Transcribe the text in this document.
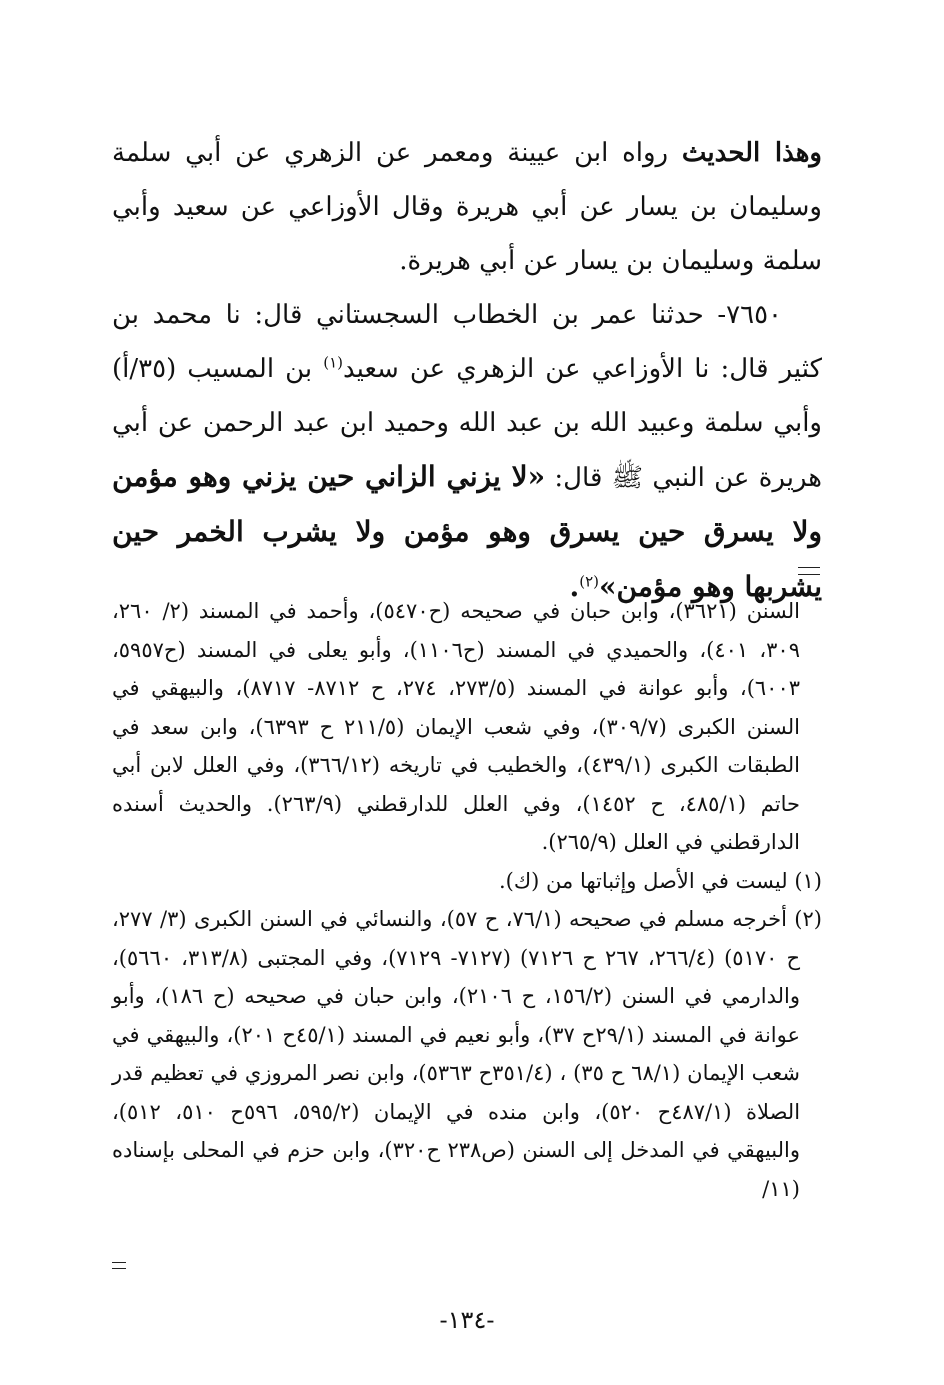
وهذا الحديث رواه ابن عيينة ومعمر عن الزهري عن أبي سلمة وسليمان بن يسار عن أبي هريرة وقال الأوزاعي عن سعيد وأبي سلمة وسليمان بن يسار عن أبي هريرة.

٧٦٥٠- حدثنا عمر بن الخطاب السجستاني قال: نا محمد بن كثير قال: نا الأوزاعي عن الزهري عن سعيد$^{(١)}$ بن المسيب (٣٥/أ) وأبي سلمة وعبيد الله بن عبد الله وحميد ابن عبد الرحمن عن أبي هريرة عن النبي ﷺ قال: «لا يزني الزاني حين يزني وهو مؤمن ولا يسرق حين يسرق وهو مؤمن ولا يشرب الخمر حين يشربها وهو مؤمن»$^{(٢)}$.

السنن (٣٦٢١)، وابن حبان في صحيحه (ح٥٤٧٠)، وأحمد في المسند (٢/ ٢٦٠، ٣٠٩، ٤٠١)، والحميدي في المسند (ح١١٠٦)، وأبو يعلى في المسند (ح٥٩٥٧، ٦٠٠٣)، وأبو عوانة في المسند (٢٧٣/٥، ٢٧٤، ح ٨٧١٢- ٨٧١٧)، والبيهقي في السنن الكبرى (٣٠٩/٧)، وفي شعب الإيمان (٢١١/٥ ح ٦٣٩٣)، وابن سعد في الطبقات الكبرى (٤٣٩/١)، والخطيب في تاريخه (٣٦٦/١٢)، وفي العلل لابن أبي حاتم (٤٨٥/١، ح ١٤٥٢)، وفي العلل للدارقطني (٢٦٣/٩). والحديث أسنده الدارقطني في العلل (٢٦٥/٩).

(١) ليست في الأصل وإثباتها من (ك).

(٢) أخرجه مسلم في صحيحه (٧٦/١، ح ٥٧)، والنسائي في السنن الكبرى (٣/ ٢٧٧، ح ٥١٧٠) (٢٦٦/٤، ٢٦٧ ح ٧١٢٦) (٧١٢٧- ٧١٢٩)، وفي المجتبى (٣١٣/٨، ٥٦٦٠)، والدارمي في السنن (١٥٦/٢، ح ٢١٠٦)، وابن حبان في صحيحه (ح ١٨٦)، وأبو عوانة في المسند (٢٩/١ح ٣٧)، وأبو نعيم في المسند (٤٥/١ح ٢٠١)، والبيهقي في شعب الإيمان (٦٨/١ ح ٣٥) ، (٣٥١/٤ح ٥٣٦٣)، وابن نصر المروزي في تعظيم قدر الصلاة (٤٨٧/١ح ٥٢٠)، وابن منده في الإيمان (٥٩٥/٢، ٥٩٦ح ٥١٠، ٥١٢)، والبيهقي في المدخل إلى السنن (ص٢٣٨ ح٣٢٠)، وابن حزم في المحلى بإسناده (١١/

-١٣٤-
